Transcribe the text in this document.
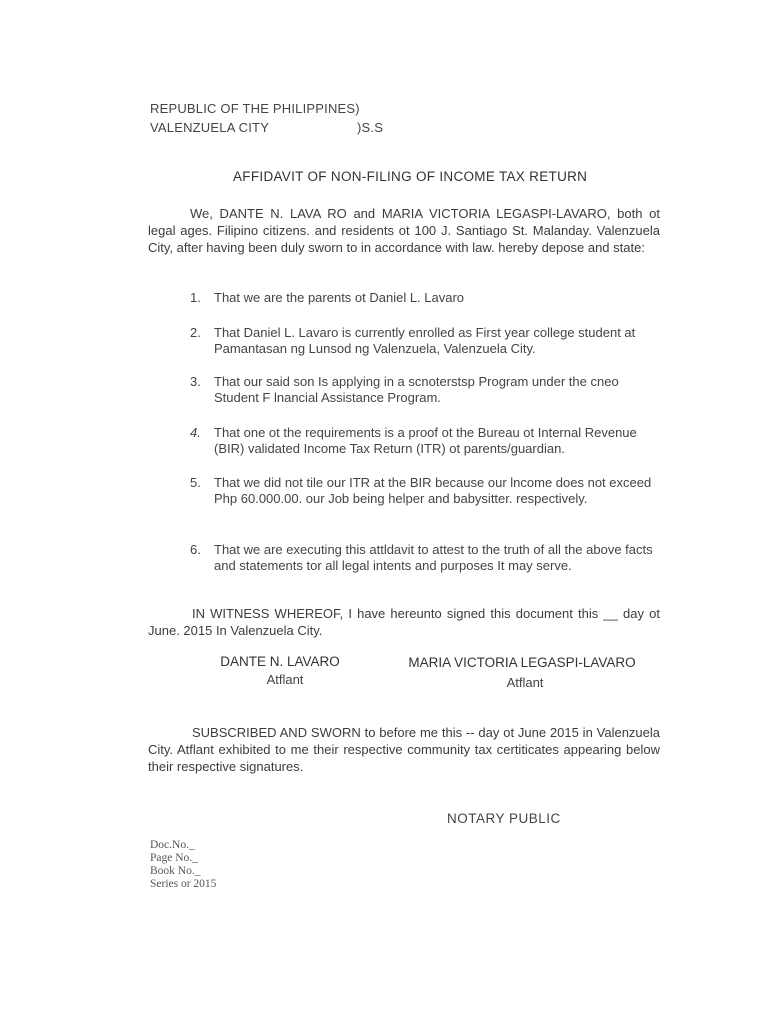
REPUBLIC OF THE PHILIPPINES)
VALENZUELA CITY	)S.S
AFFIDAVIT OF NON-FILING OF INCOME TAX RETURN
We, DANTE N. LAVA RO and MARIA VICTORIA LEGASPI-LAVARO, both ot legal ages. Filipino citizens. and residents ot 100 J. Santiago St. Malanday. Valenzuela City, after having been duly sworn to in accordance with law. hereby depose and state:
1.	That we are the parents ot Daniel L. Lavaro
2.	That Daniel L. Lavaro is currently enrolled as First year college student at Pamantasan ng Lunsod ng Valenzuela, Valenzuela City.
3.	That our said son Is applying in a scnoterstsp Program under the cneo Student F lnancial Assistance Program.
4.	That one ot the requirements is a proof ot the Bureau ot Internal Revenue (BIR) validated Income Tax Return (ITR) ot parents/guardian.
5.	That we did not tile our ITR at the BIR because our lncome does not exceed Php 60.000.00. our Job being helper and babysitter. respectively.
6.	That we are executing this attldavit to attest to the truth of all the above facts and statements tor all legal intents and purposes It may serve.
IN WITNESS WHEREOF, I have hereunto signed this document this __ day ot June. 2015 In Valenzuela City.
DANTE N. LAVARO
Atflant
MARIA VICTORIA LEGASPI-LAVARO
Atflant
SUBSCRIBED AND SWORN to before me this -- day ot June 2015 in Valenzuela City. Atflant exhibited to me their respective community tax certiticates appearing below their respective signatures.
NOTARY PUBLIC
Doc.No._
Page No._
Book No._
Series or 2015
